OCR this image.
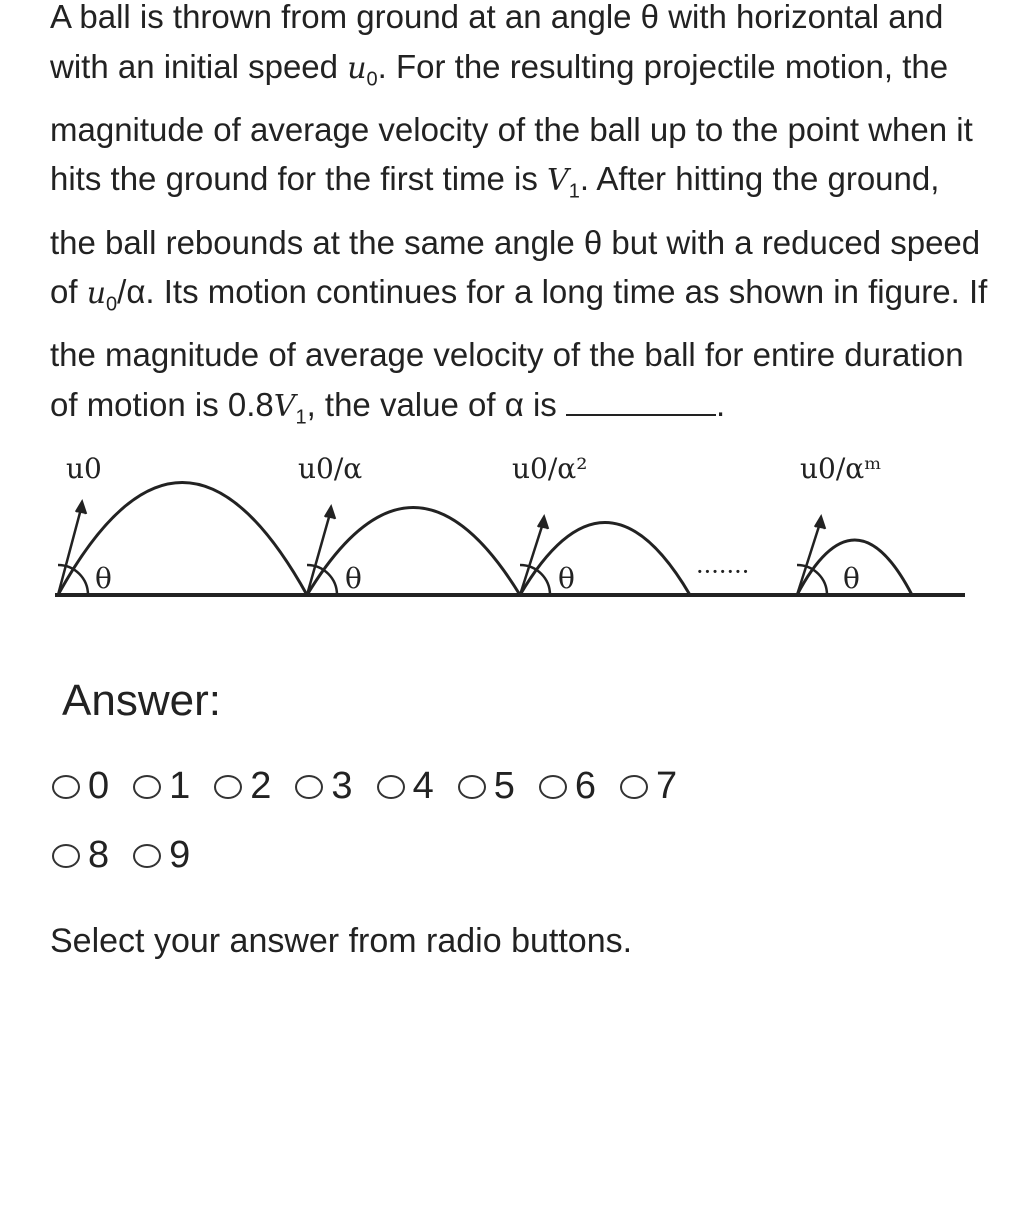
A ball is thrown from ground at an angle θ with horizontal and with an initial speed $u_0$. For the resulting projectile motion, the magnitude of average velocity of the ball up to the point when it hits the ground for the first time is $V_1$. After hitting the ground, the ball rebounds at the same angle θ but with a reduced speed of $u_0/\alpha$. Its motion continues for a long time as shown in figure. If the magnitude of average velocity of the ball for entire duration of motion is $0.8V_1$, the value of α is	.
θ	θ	θ	θ
u0	u0/α	u0/α²	u0/αᵐ
·······
Answer:
0 1 2 3 4 5 6 7
8 9
Select your answer from radio buttons.
